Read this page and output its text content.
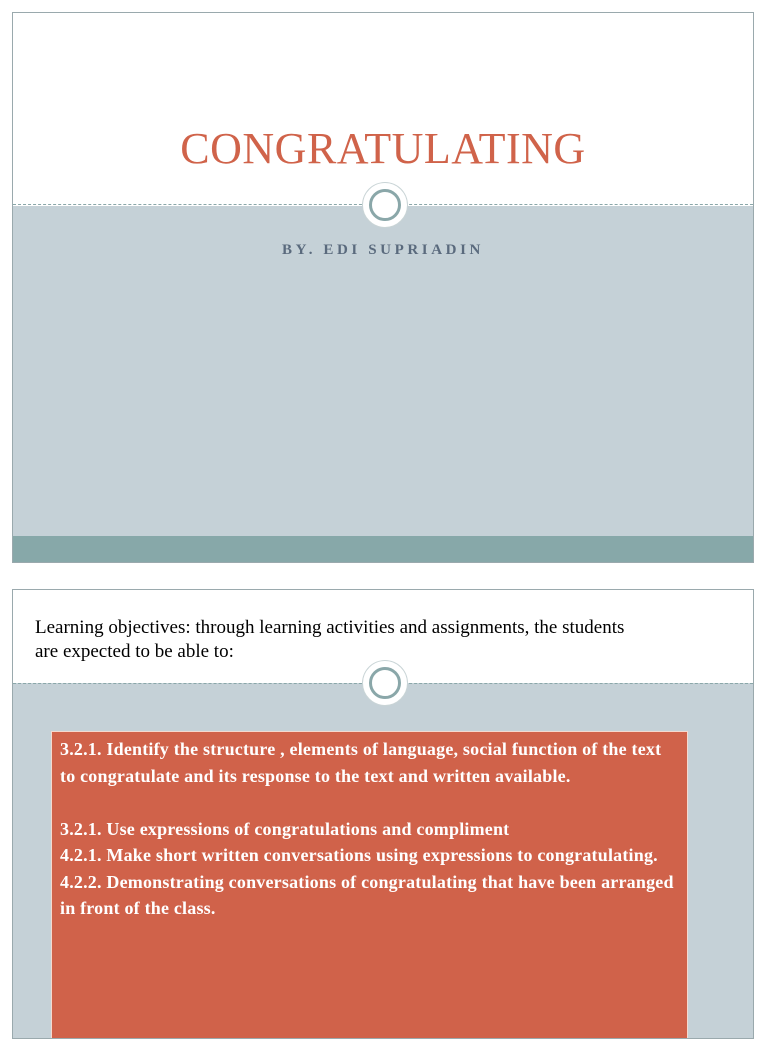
CONGRATULATING
BY. EDI SUPRIADIN
Learning objectives: through learning activities and assignments, the students
are expected to be able to:

3.2.1. Identify the structure , elements of language, social function of the text to congratulate and its response to the text and written available.

3.2.1. Use expressions of congratulations and compliment

4.2.1. Make short written conversations using expressions to congratulating.

4.2.2. Demonstrating conversations of congratulating that have been arranged in front of the class.
